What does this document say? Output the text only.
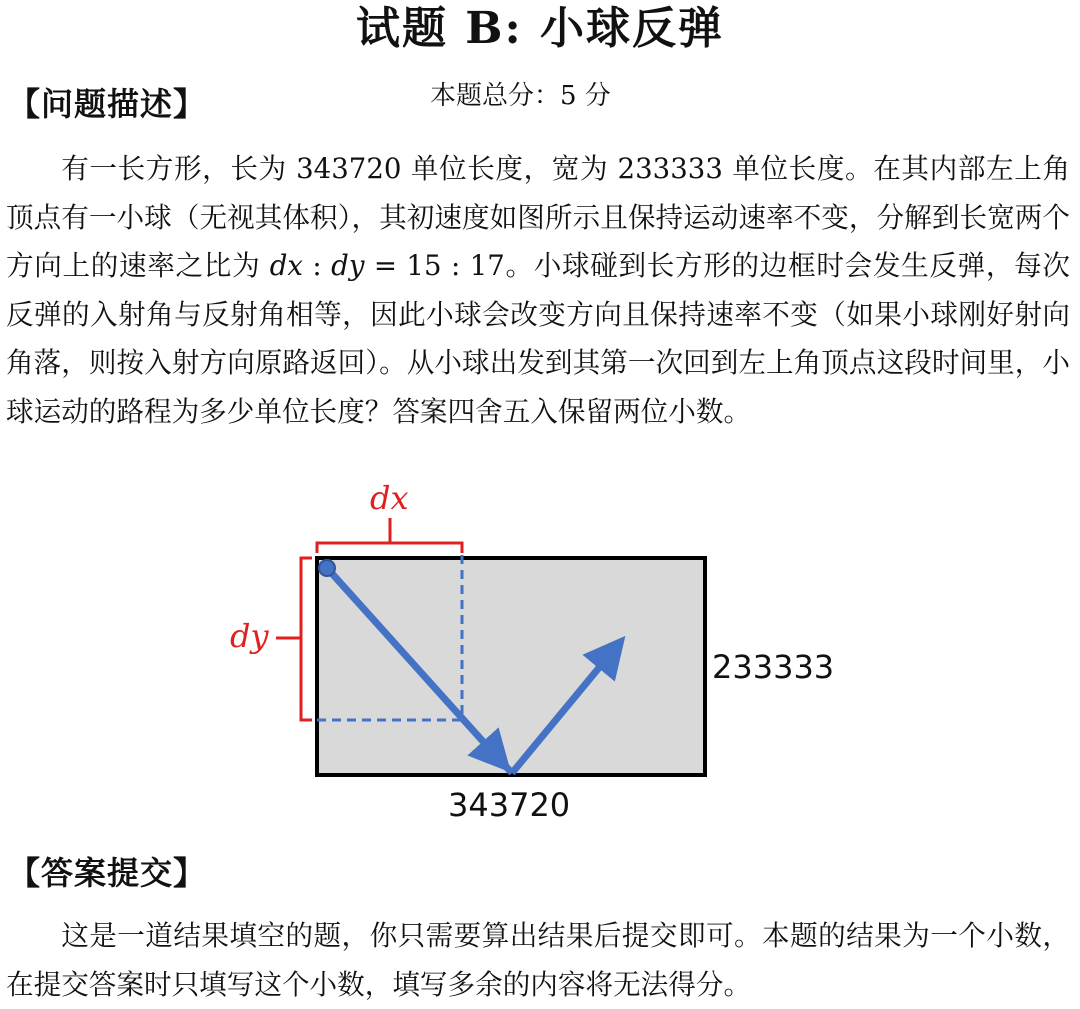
试题 B: 小球反弹
【问题描述】	本题总分：5 分

有一长方形，长为 343720 单位长度，宽为 233333 单位长度。在其内部左上角顶点有一小球（无视其体积），其初速度如图所示且保持运动速率不变，分解到长宽两个方向上的速率之比为 dx : dy = 15 : 17。小球碰到长方形的边框时会发生反弹，每次反弹的入射角与反射角相等，因此小球会改变方向且保持速率不变（如果小球刚好射向角落，则按入射方向原路返回）。从小球出发到其第一次回到左上角顶点这段时间里，小球运动的路程为多少单位长度？答案四舍五入保留两位小数。

dx
dy
233333
343720
【答案提交】

这是一道结果填空的题，你只需要算出结果后提交即可。本题的结果为一个小数，在提交答案时只填写这个小数，填写多余的内容将无法得分。
